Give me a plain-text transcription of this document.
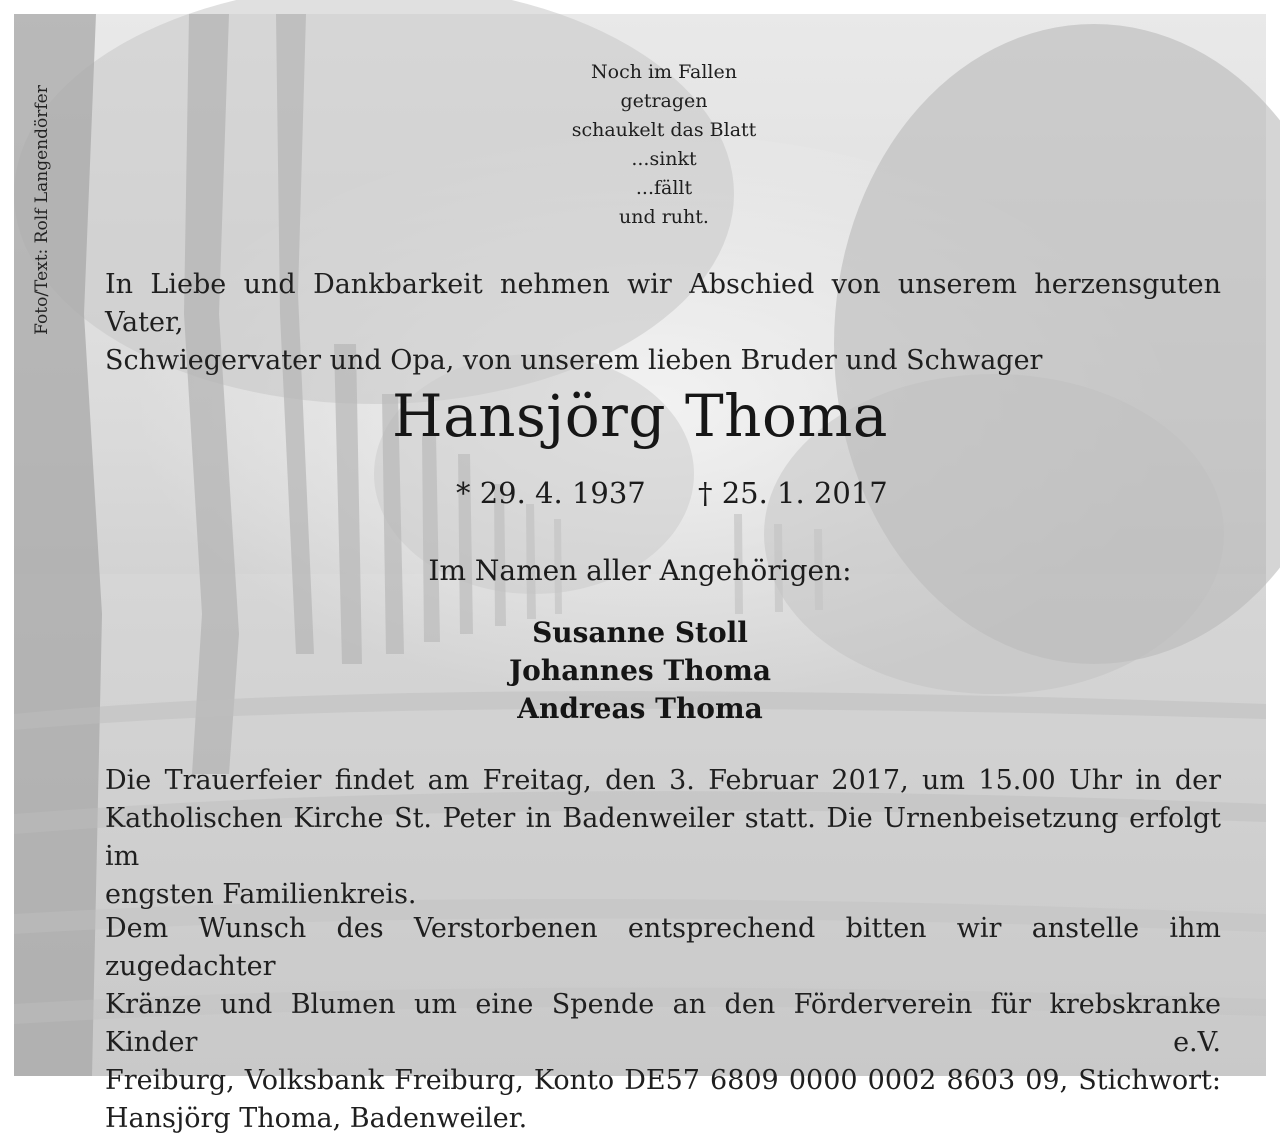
Foto/Text: Rolf Langendörfer
Noch im Fallen
getragen
schaukelt das Blatt
...sinkt
...fällt
und ruht.
In Liebe und Dankbarkeit nehmen wir Abschied von unserem herzensguten Vater,
Schwiegervater und Opa, von unserem lieben Bruder und Schwager
Hansjörg Thoma
* 29. 4. 1937 † 25. 1. 2017
Im Namen aller Angehörigen:
Susanne Stoll
Johannes Thoma
Andreas Thoma
Die Trauerfeier findet am Freitag, den 3. Februar 2017, um 15.00 Uhr in der
Katholischen Kirche St. Peter in Badenweiler statt. Die Urnenbeisetzung erfolgt im
engsten Familienkreis.
Dem Wunsch des Verstorbenen entsprechend bitten wir anstelle ihm zugedachter
Kränze und Blumen um eine Spende an den Förderverein für krebskranke Kinder e.V.
Freiburg, Volksbank Freiburg, Konto DE57 6809 0000 0002 8603 09, Stichwort:
Hansjörg Thoma, Badenweiler.
